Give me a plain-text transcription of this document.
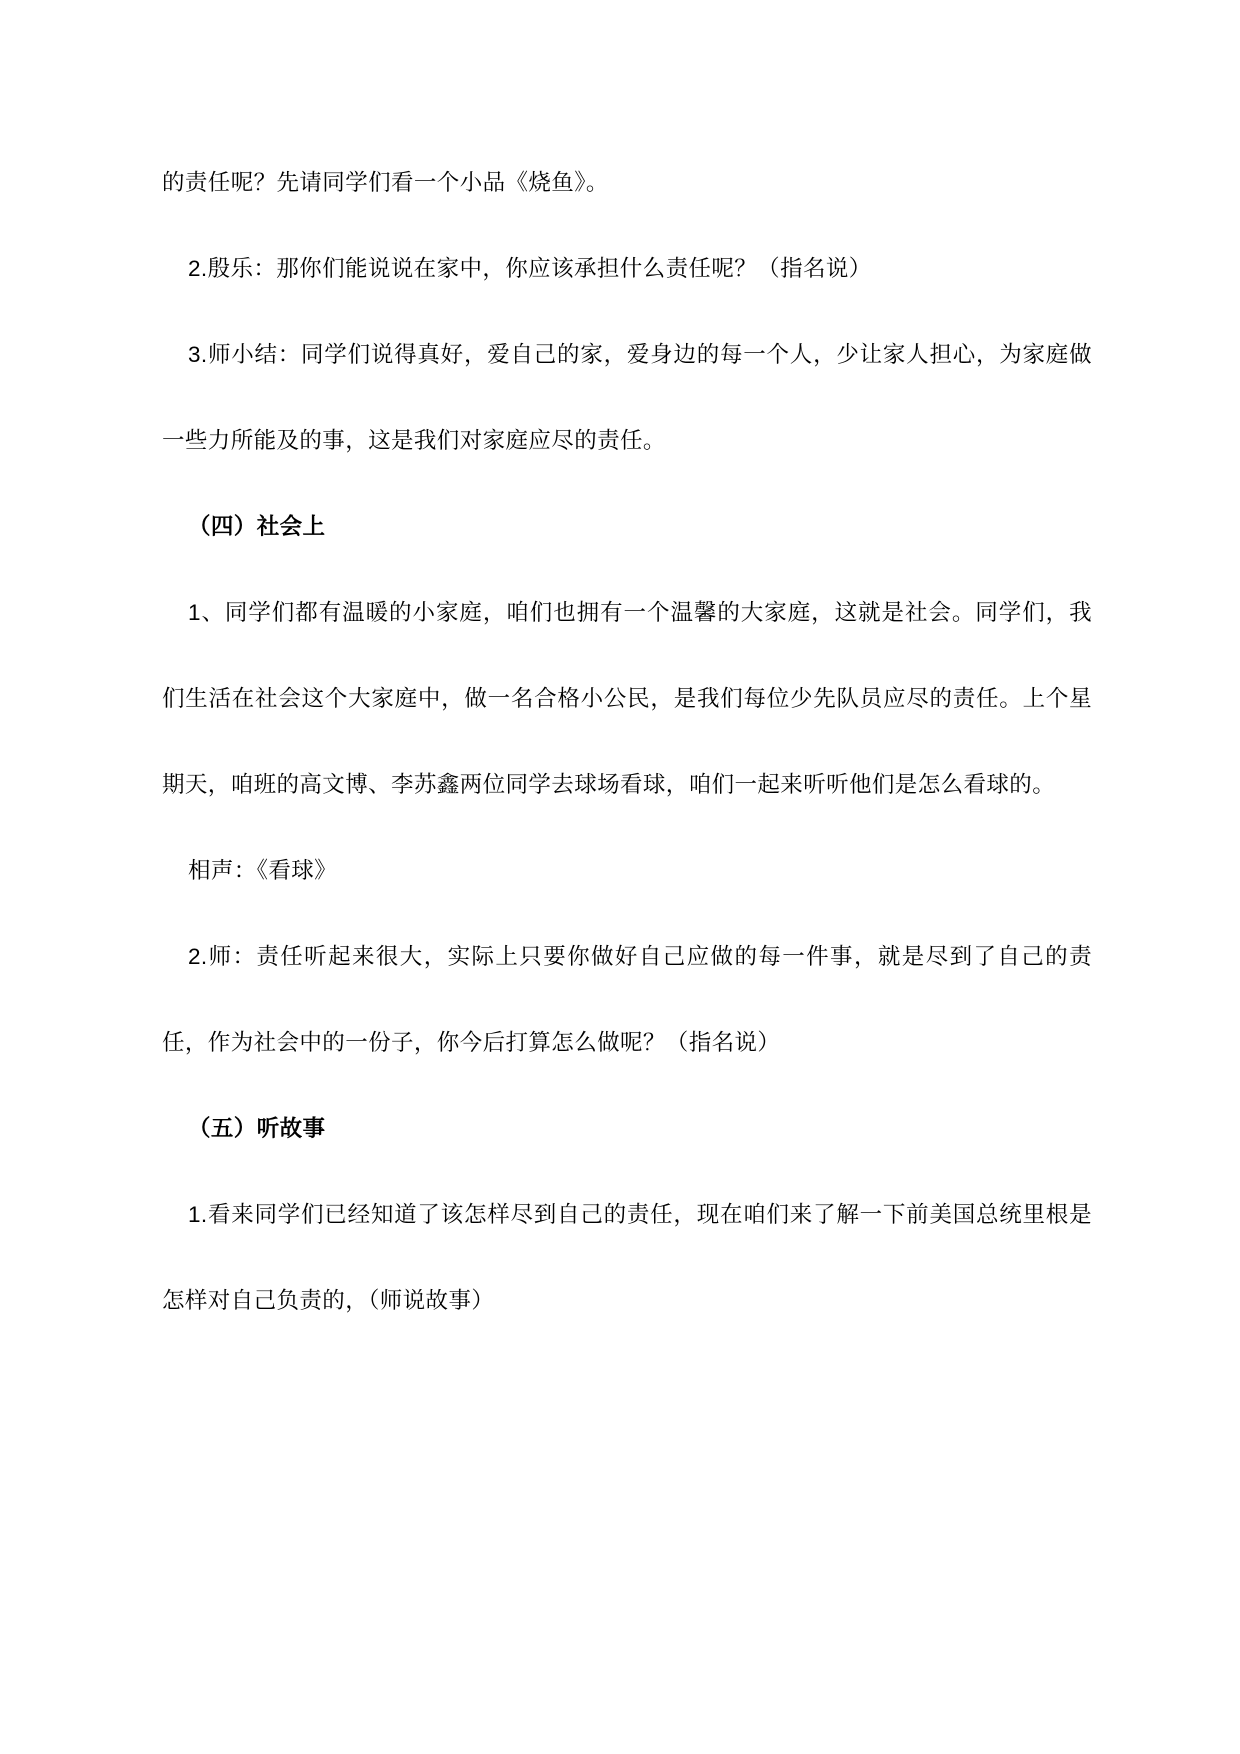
的责任呢？先请同学们看一个小品《烧鱼》。

2.殷乐：那你们能说说在家中，你应该承担什么责任呢？（指名说）

3.师小结：同学们说得真好，爱自己的家，爱身边的每一个人，少让家人担心，为家庭做一些力所能及的事，这是我们对家庭应尽的责任。

（四）社会上

1、同学们都有温暖的小家庭，咱们也拥有一个温馨的大家庭，这就是社会。同学们，我们生活在社会这个大家庭中，做一名合格小公民，是我们每位少先队员应尽的责任。上个星期天，咱班的高文博、李苏鑫两位同学去球场看球，咱们一起来听听他们是怎么看球的。

相声：《看球》

2.师：责任听起来很大，实际上只要你做好自己应做的每一件事，就是尽到了自己的责任，作为社会中的一份子，你今后打算怎么做呢？（指名说）

（五）听故事

1.看来同学们已经知道了该怎样尽到自己的责任，现在咱们来了解一下前美国总统里根是怎样对自己负责的，（师说故事）
